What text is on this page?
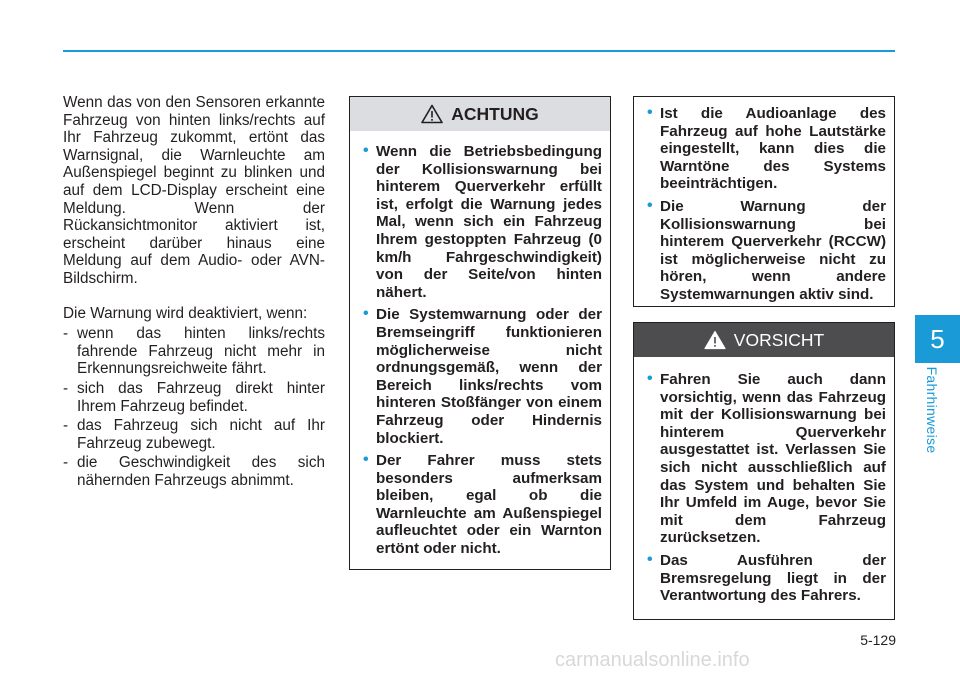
Wenn das von den Sensoren erkannte Fahrzeug von hinten links/rechts auf Ihr Fahrzeug zukommt, ertönt das Warnsignal, die Warnleuchte am Außenspiegel beginnt zu blinken und auf dem LCD-Display erscheint eine Meldung. Wenn der Rückansichtmonitor aktiviert ist, erscheint darüber hinaus eine Meldung auf dem Audio- oder AVN-Bildschirm.

Die Warnung wird deaktiviert, wenn:

- wenn das hinten links/rechts fahrende Fahrzeug nicht mehr in Erkennungsreichweite fährt.
- sich das Fahrzeug direkt hinter Ihrem Fahrzeug befindet.
- das Fahrzeug sich nicht auf Ihr Fahrzeug zubewegt.
- die Geschwindigkeit des sich nähernden Fahrzeugs abnimmt.
ACHTUNG
• Wenn die Betriebsbedingung der Kollisionswarnung bei hinterem Querverkehr erfüllt ist, erfolgt die Warnung jedes Mal, wenn sich ein Fahrzeug Ihrem gestoppten Fahrzeug (0 km/h Fahrgeschwindigkeit) von der Seite/von hinten nähert.
• Die Systemwarnung oder der Bremseingriff funktionieren möglicherweise nicht ordnungsgemäß, wenn der Bereich links/rechts vom hinteren Stoßfänger von einem Fahrzeug oder Hindernis blockiert.
• Der Fahrer muss stets besonders aufmerksam bleiben, egal ob die Warnleuchte am Außenspiegel aufleuchtet oder ein Warnton ertönt oder nicht.
• Ist die Audioanlage des Fahrzeug auf hohe Lautstärke eingestellt, kann dies die Warntöne des Systems beeinträchtigen.
• Die Warnung der Kollisionswarnung bei hinterem Querverkehr (RCCW) ist möglicherweise nicht zu hören, wenn andere Systemwarnungen aktiv sind.
VORSICHT
• Fahren Sie auch dann vorsichtig, wenn das Fahrzeug mit der Kollisionswarnung bei hinterem Querverkehr ausgestattet ist. Verlassen Sie sich nicht ausschließlich auf das System und behalten Sie Ihr Umfeld im Auge, bevor Sie mit dem Fahrzeug zurücksetzen.
• Das Ausführen der Bremsregelung liegt in der Verantwortung des Fahrers.
5
Fahrhinweise
5-129
carmanualsonline.info
